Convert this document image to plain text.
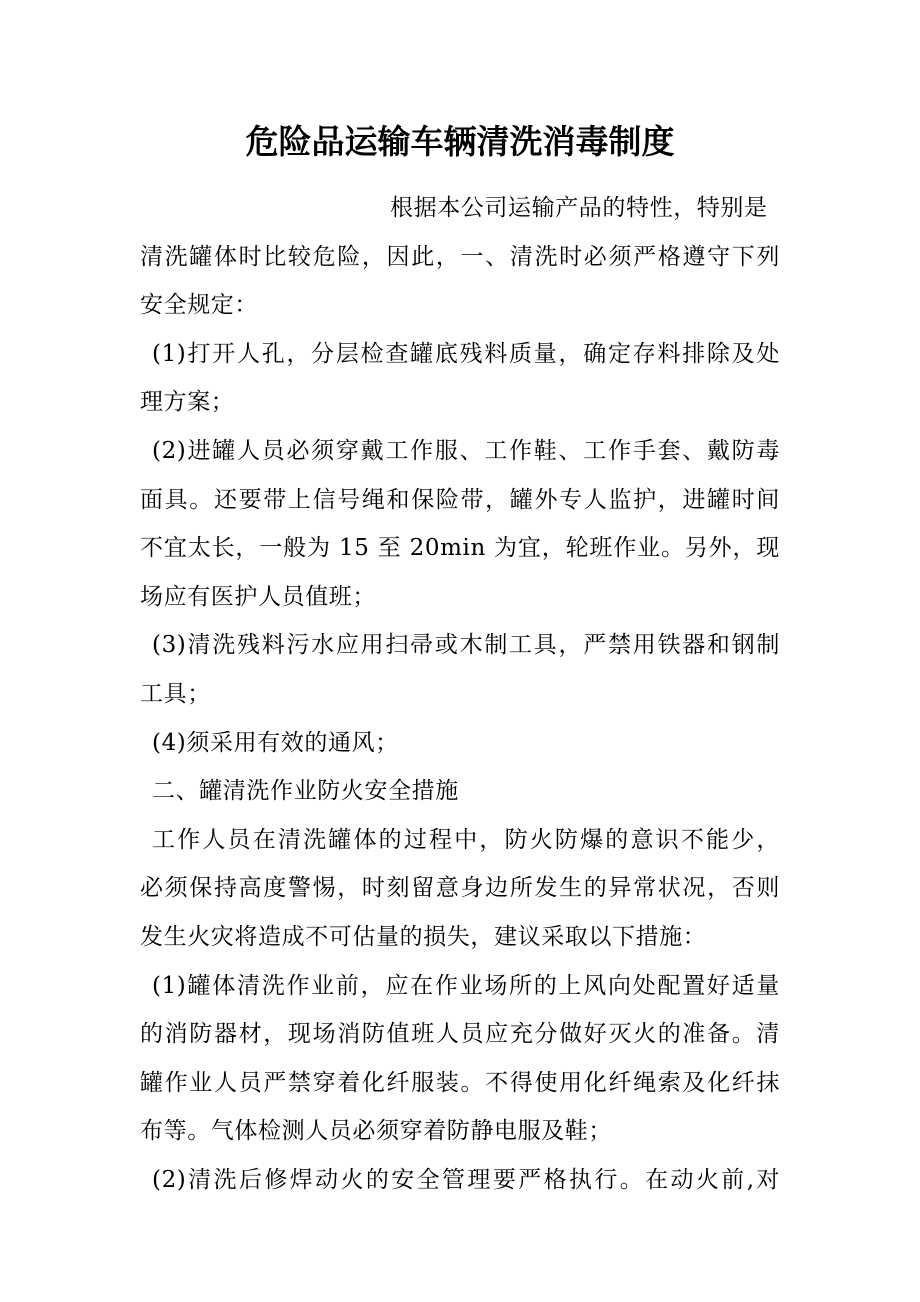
危险品运输车辆清洗消毒制度
根据本公司运输产品的特性，特别是
清洗罐体时比较危险，因此，一、清洗时必须严格遵守下列
安全规定：
(1)打开人孔，分层检查罐底残料质量，确定存料排除及处
理方案；
(2)进罐人员必须穿戴工作服、工作鞋、工作手套、戴防毒
面具。还要带上信号绳和保险带，罐外专人监护，进罐时间
不宜太长，一般为 15 至 20min 为宜，轮班作业。另外，现
场应有医护人员值班；
(3)清洗残料污水应用扫帚或木制工具，严禁用铁器和钢制
工具；
(4)须采用有效的通风；
二、罐清洗作业防火安全措施
工作人员在清洗罐体的过程中，防火防爆的意识不能少，
必须保持高度警惕，时刻留意身边所发生的异常状况，否则
发生火灾将造成不可估量的损失，建议采取以下措施：
(1)罐体清洗作业前，应在作业场所的上风向处配置好适量
的消防器材，现场消防值班人员应充分做好灭火的准备。清
罐作业人员严禁穿着化纤服装。不得使用化纤绳索及化纤抹
布等。气体检测人员必须穿着防静电服及鞋；
(2)清洗后修焊动火的安全管理要严格执行。在动火前,对
